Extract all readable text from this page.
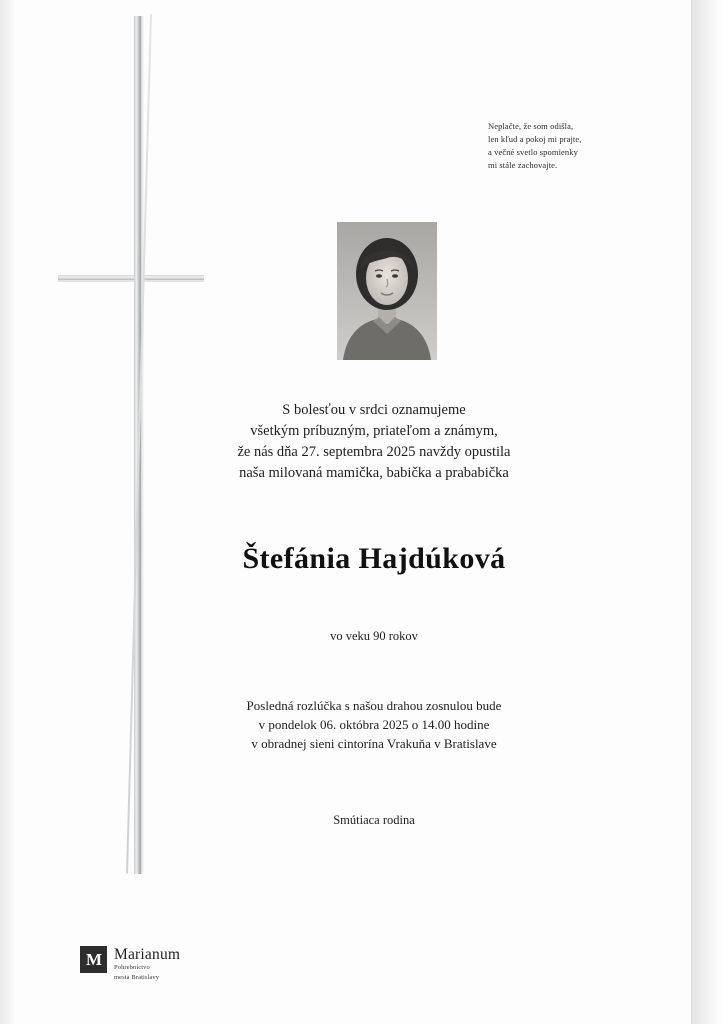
Neplačte, že som odišla,
len kľud a pokoj mi prajte,
a večné svetlo spomienky
mi stále zachovajte.
S bolesťou v srdci oznamujeme
všetkým príbuzným, priateľom a známym,
že nás dňa 27. septembra 2025 navždy opustila
naša milovaná mamička, babička a prababička
Štefánia Hajdúková
vo veku 90 rokov
Posledná rozlúčka s našou drahou zosnulou bude
v pondelok 06. októbra 2025 o 14.00 hodine
v obradnej sieni cintorína Vrakuňa v Bratislave
Smútiaca rodina
M Marianum
Pohrebníctvo
mesta Bratislavy
